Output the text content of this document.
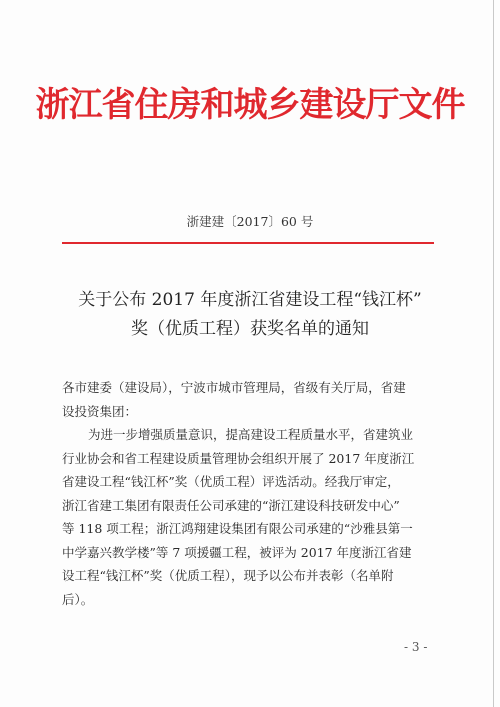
浙江省住房和城乡建设厅文件
浙建建〔2017〕60 号
关于公布 2017 年度浙江省建设工程“钱江杯”
奖（优质工程）获奖名单的通知
各市建委（建设局），宁波市城市管理局，省级有关厅局，省建
设投资集团：
为进一步增强质量意识，提高建设工程质量水平，省建筑业
行业协会和省工程建设质量管理协会组织开展了 2017 年度浙江
省建设工程“钱江杯”奖（优质工程）评选活动。经我厅审定，
浙江省建工集团有限责任公司承建的“浙江建设科技研发中心”
等 118 项工程；浙江鸿翔建设集团有限公司承建的“沙雅县第一
中学嘉兴教学楼”等 7 项援疆工程，被评为 2017 年度浙江省建
设工程“钱江杯”奖（优质工程），现予以公布并表彰（名单附
后）。
- 3 -
